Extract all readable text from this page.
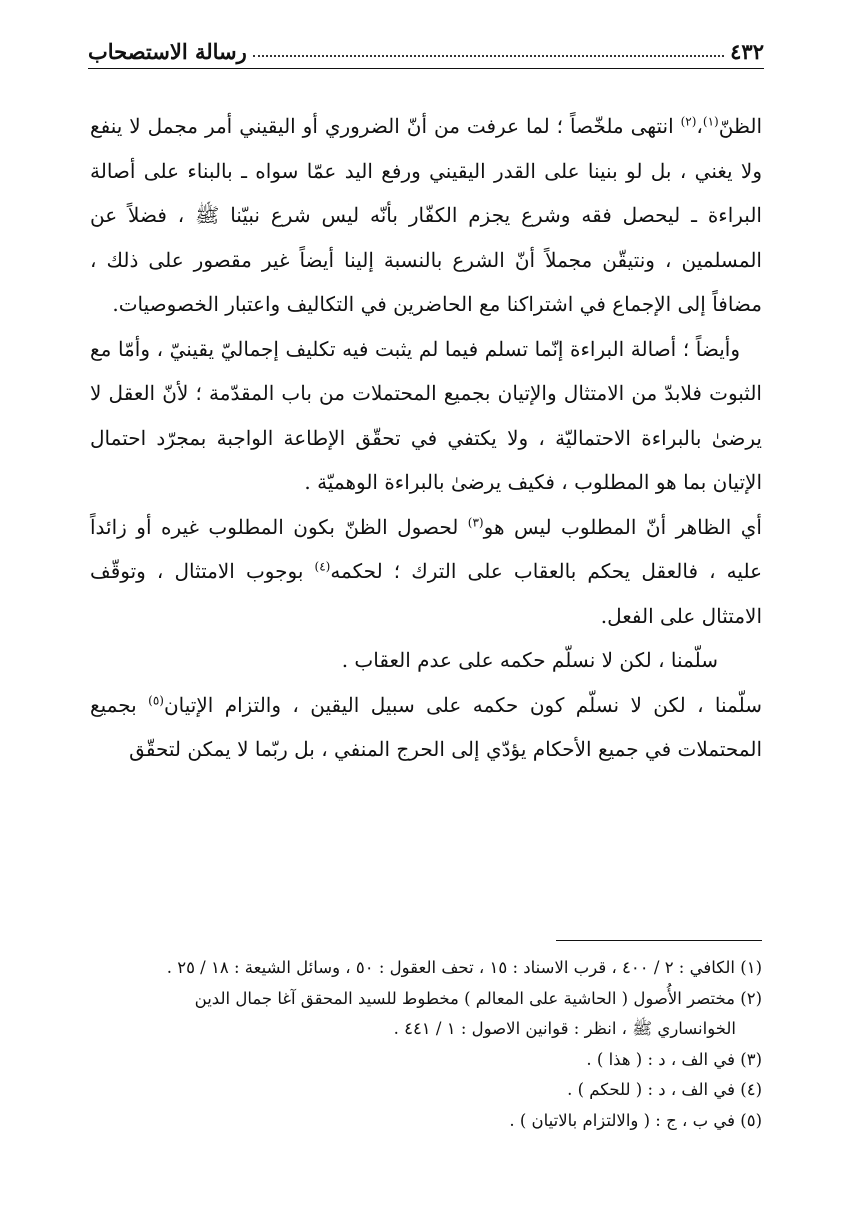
٤٣٢
رسالة الاستصحاب

الظنّ$^{(١)}$،$^{(٢)}$ انتهى ملخّصاً ؛ لما عرفت من أنّ الضروري أو اليقيني أمر مجمل لا ينفع ولا يغني ، بل لو بنينا على القدر اليقيني ورفع اليد عمّا سواه ـ بالبناء على أصالة البراءة ـ ليحصل فقه وشرع يجزم الكفّار بأنّه ليس شرع نبيّنا ﷺ ، فضلاً عن المسلمين ، ونتيقّن مجملاً أنّ الشرع بالنسبة إلينا أيضاً غير مقصور على ذلك ، مضافاً إلى الإجماع في اشتراكنا مع الحاضرين في التكاليف واعتبار الخصوصيات.

وأيضاً ؛ أصالة البراءة إنّما تسلم فيما لم يثبت فيه تكليف إجماليّ يقينيّ ، وأمّا مع الثبوت فلابدّ من الامتثال والإتيان بجميع المحتملات من باب المقدّمة ؛ لأنّ العقل لا يرضىٰ بالبراءة الاحتماليّة ، ولا يكتفي في تحقّق الإطاعة الواجبة بمجرّد احتمال الإتيان بما هو المطلوب ، فكيف يرضىٰ بالبراءة الوهميّة .

أي الظاهر أنّ المطلوب ليس هو$^{(٣)}$ لحصول الظنّ بكون المطلوب غيره أو زائداً عليه ، فالعقل يحكم بالعقاب على الترك ؛ لحكمه$^{(٤)}$ بوجوب الامتثال ، وتوقّف الامتثال على الفعل.

سلّمنا ، لكن لا نسلّم حكمه على عدم العقاب .

سلّمنا ، لكن لا نسلّم كون حكمه على سبيل اليقين ، والتزام الإتيان$^{(٥)}$ بجميع المحتملات في جميع الأحكام يؤدّي إلى الحرج المنفي ، بل ربّما لا يمكن لتحقّق

(١) الكافي : ٢ / ٤٠٠ ، قرب الاسناد : ١٥ ، تحف العقول : ٥٠ ، وسائل الشيعة : ١٨ / ٢٥ .
(٢) مختصر الأُصول ( الحاشية على المعالم ) مخطوط للسيد المحقق آغا جمال الدين
الخوانساري ﷺ ، انظر : قوانين الاصول : ١ / ٤٤١ .
(٣) في الف ، د : ( هذا ) .
(٤) في الف ، د : ( للحكم ) .
(٥) في ب ، ج : ( والالتزام بالاتيان ) .
